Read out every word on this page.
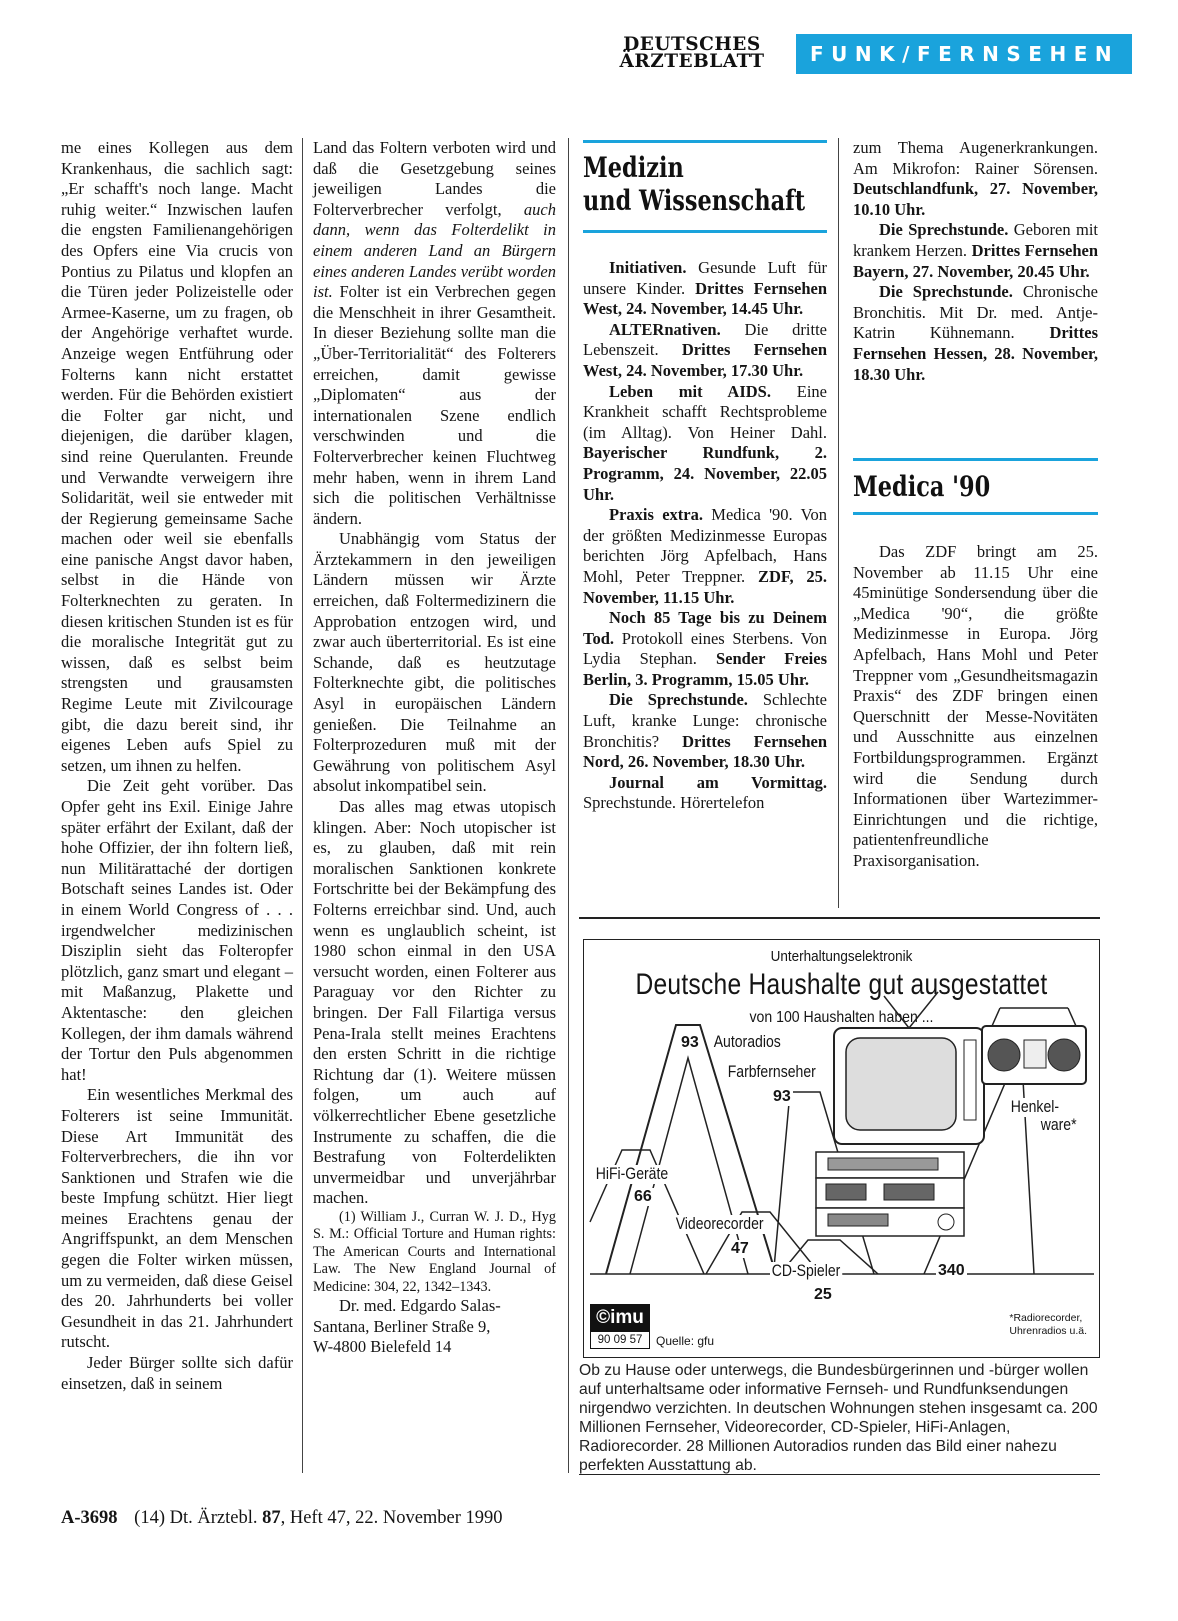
DEUTSCHES
ÄRZTEBLATT	FUNK/FERNSEHEN

me eines Kollegen aus dem Krankenhaus, die sachlich sagt: „Er schafft's noch lange. Macht ruhig weiter.“ Inzwischen laufen die engsten Familienangehörigen des Opfers eine Via crucis von Pontius zu Pilatus und klopfen an die Türen jeder Polizeistelle oder Armee-Kaserne, um zu fragen, ob der Angehörige verhaftet wurde. Anzeige wegen Entführung oder Folterns kann nicht erstattet werden. Für die Behörden existiert die Folter gar nicht, und diejenigen, die darüber klagen, sind reine Querulanten. Freunde und Verwandte verweigern ihre Solidarität, weil sie entweder mit der Regierung gemeinsame Sache machen oder weil sie ebenfalls eine panische Angst davor haben, selbst in die Hände von Folterknechten zu geraten. In diesen kritischen Stunden ist es für die moralische Integrität gut zu wissen, daß es selbst beim strengsten und grausamsten Regime Leute mit Zivilcourage gibt, die dazu bereit sind, ihr eigenes Leben aufs Spiel zu setzen, um ihnen zu helfen.

Die Zeit geht vorüber. Das Opfer geht ins Exil. Einige Jahre später erfährt der Exilant, daß der hohe Offizier, der ihn foltern ließ, nun Militärattaché der dortigen Botschaft seines Landes ist. Oder in einem World Congress of . . . irgendwelcher medizinischen Disziplin sieht das Folteropfer plötzlich, ganz smart und elegant – mit Maßanzug, Plakette und Aktentasche: den gleichen Kollegen, der ihm damals während der Tortur den Puls abgenommen hat!

Ein wesentliches Merkmal des Folterers ist seine Immunität. Diese Art Immunität des Folterverbrechers, die ihn vor Sanktionen und Strafen wie die beste Impfung schützt. Hier liegt meines Erachtens genau der Angriffspunkt, an dem Menschen gegen die Folter wirken müssen, um zu vermeiden, daß diese Geisel des 20. Jahrhunderts bei voller Gesundheit in das 21. Jahrhundert rutscht.

Jeder Bürger sollte sich dafür einsetzen, daß in seinem

Land das Foltern verboten wird und daß die Gesetzgebung seines jeweiligen Landes die Folterverbrecher verfolgt, auch dann, wenn das Folterdelikt in einem anderen Land an Bürgern eines anderen Landes verübt worden ist. Folter ist ein Verbrechen gegen die Menschheit in ihrer Gesamtheit. In dieser Beziehung sollte man die „Über-Territorialität“ des Folterers erreichen, damit gewisse „Diplomaten“ aus der internationalen Szene endlich verschwinden und die Folterverbrecher keinen Fluchtweg mehr haben, wenn in ihrem Land sich die politischen Verhältnisse ändern.

Unabhängig vom Status der Ärztekammern in den jeweiligen Ländern müssen wir Ärzte erreichen, daß Foltermedizinern die Approbation entzogen wird, und zwar auch überterritorial. Es ist eine Schande, daß es heutzutage Folterknechte gibt, die politisches Asyl in europäischen Ländern genießen. Die Teilnahme an Folterprozeduren muß mit der Gewährung von politischem Asyl absolut inkompatibel sein.

Das alles mag etwas utopisch klingen. Aber: Noch utopischer ist es, zu glauben, daß mit rein moralischen Sanktionen konkrete Fortschritte bei der Bekämpfung des Folterns erreichbar sind. Und, auch wenn es unglaublich scheint, ist 1980 schon einmal in den USA versucht worden, einen Folterer aus Paraguay vor den Richter zu bringen. Der Fall Filartiga versus Pena-Irala stellt meines Erachtens den ersten Schritt in die richtige Richtung dar (1). Weitere müssen folgen, um auch auf völkerrechtlicher Ebene gesetzliche Instrumente zu schaffen, die die Bestrafung von Folterdelikten unvermeidbar und unverjährbar machen.

(1) William J., Curran W. J. D., Hyg S. M.: Official Torture and Human rights: The American Courts and International Law. The New England Journal of Medicine: 304, 22, 1342–1343.

Dr. med. Edgardo Salas-
Santana, Berliner Straße 9,
W-4800 Bielefeld 14

Medizin
und Wissenschaft

Initiativen. Gesunde Luft für unsere Kinder. Drittes Fernsehen West, 24. November, 14.45 Uhr.

ALTERnativen. Die dritte Lebenszeit. Drittes Fernsehen West, 24. November, 17.30 Uhr.

Leben mit AIDS. Eine Krankheit schafft Rechtsprobleme (im Alltag). Von Heiner Dahl. Bayerischer Rundfunk, 2. Programm, 24. November, 22.05 Uhr.

Praxis extra. Medica '90. Von der größten Medizinmesse Europas berichten Jörg Apfelbach, Hans Mohl, Peter Treppner. ZDF, 25. November, 11.15 Uhr.

Noch 85 Tage bis zu Deinem Tod. Protokoll eines Sterbens. Von Lydia Stephan. Sender Freies Berlin, 3. Programm, 15.05 Uhr.

Die Sprechstunde. Schlechte Luft, kranke Lunge: chronische Bronchitis? Drittes Fernsehen Nord, 26. November, 18.30 Uhr.

Journal am Vormittag. Sprechstunde. Hörertelefon

zum Thema Augenerkrankungen. Am Mikrofon: Rainer Sörensen. Deutschlandfunk, 27. November, 10.10 Uhr.

Die Sprechstunde. Geboren mit krankem Herzen. Drittes Fernsehen Bayern, 27. November, 20.45 Uhr.

Die Sprechstunde. Chronische Bronchitis. Mit Dr. med. Antje-Katrin Kühnemann. Drittes Fernsehen Hessen, 28. November, 18.30 Uhr.

Medica '90

Das ZDF bringt am 25. November ab 11.15 Uhr eine 45minütige Sondersendung über die „Medica '90“, die größte Medizinmesse in Europa. Jörg Apfelbach, Hans Mohl und Peter Treppner vom „Gesundheitsmagazin Praxis“ des ZDF bringen einen Querschnitt der Messe-Novitäten und Ausschnitte aus einzelnen Fortbildungsprogrammen. Ergänzt wird die Sendung durch Informationen über Wartezimmer-Einrichtungen und die richtige, patientenfreundliche Praxisorganisation.

Unterhaltungselektronik
Deutsche Haushalte gut ausgestattet
von 100 Haushalten haben ...
93 Autoradios
Farbfernseher
93
Henkel-
ware*
340
HiFi-Geräte
66
Videorecorder
47
CD-Spieler
25
©imu
90 09 57	Quelle: gfu
*Radiorecorder,
Uhrenradios u.ä.
Ob zu Hause oder unterwegs, die Bundesbürgerinnen und -bürger wollen auf unterhaltsame oder informative Fernseh- und Rundfunksendungen nirgendwo verzichten. In deutschen Wohnungen stehen insgesamt ca. 200 Millionen Fernseher, Videorecorder, CD-Spieler, HiFi-Anlagen, Radiorecorder. 28 Millionen Autoradios runden das Bild einer nahezu perfekten Ausstattung ab.
A-3698 (14) Dt. Ärztebl. 87, Heft 47, 22. November 1990
